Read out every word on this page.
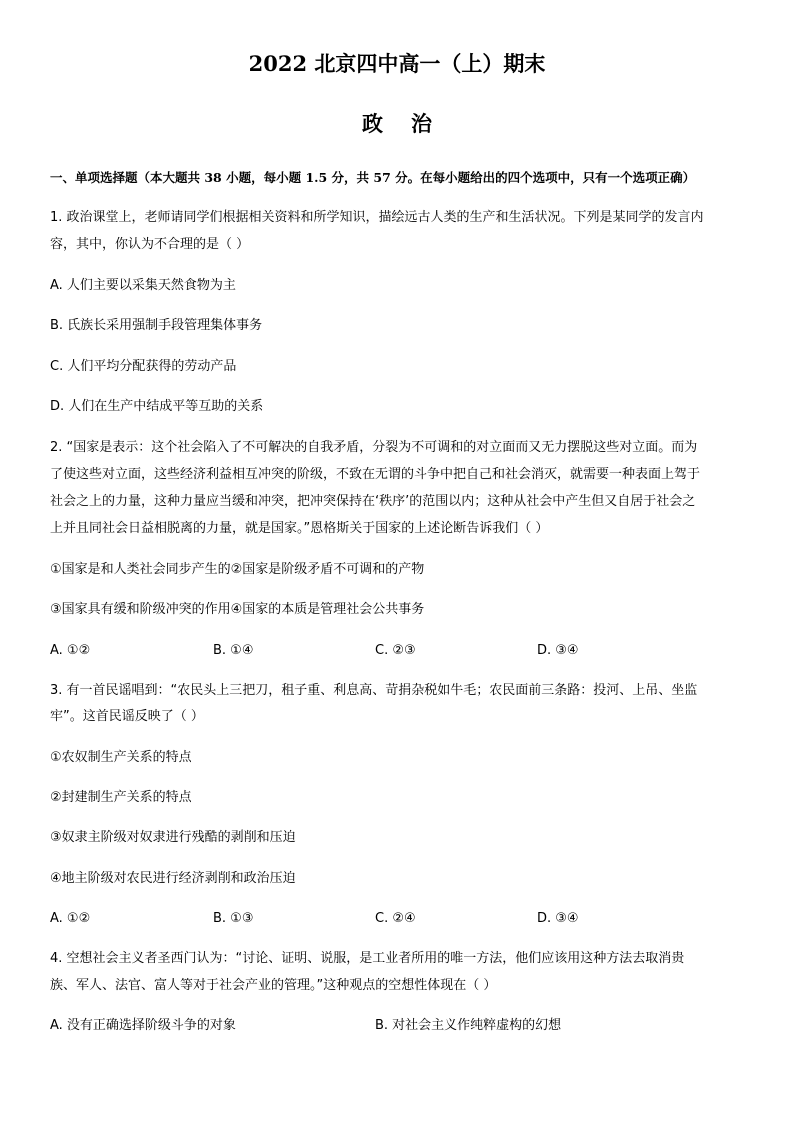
2022 北京四中高一（上）期末
政治
一、单项选择题（本大题共 38 小题，每小题 1.5 分，共 57 分。在每小题给出的四个选项中，只有一个选项正确）
1. 政治课堂上，老师请同学们根据相关资料和所学知识，描绘远古人类的生产和生活状况。下列是某同学的发言内
容，其中，你认为不合理的是（ ）
A. 人们主要以采集天然食物为主
B. 氏族长采用强制手段管理集体事务
C. 人们平均分配获得的劳动产品
D. 人们在生产中结成平等互助的关系
2. “国家是表示：这个社会陷入了不可解决的自我矛盾，分裂为不可调和的对立面而又无力摆脱这些对立面。而为
了使这些对立面，这些经济利益相互冲突的阶级，不致在无谓的斗争中把自己和社会消灭，就需要一种表面上驾于
社会之上的力量，这种力量应当缓和冲突，把冲突保持在‘秩序’的范围以内；这种从社会中产生但又自居于社会之
上并且同社会日益相脱离的力量，就是国家。”恩格斯关于国家的上述论断告诉我们（ ）
①国家是和人类社会同步产生的②国家是阶级矛盾不可调和的产物
③国家具有缓和阶级冲突的作用④国家的本质是管理社会公共事务
A. ①②	B. ①④	C. ②③	D. ③④
3. 有一首民谣唱到：“农民头上三把刀，租子重、利息高、苛捐杂税如牛毛；农民面前三条路：投河、上吊、坐监
牢”。这首民谣反映了（ ）
①农奴制生产关系的特点
②封建制生产关系的特点
③奴隶主阶级对奴隶进行残酷的剥削和压迫
④地主阶级对农民进行经济剥削和政治压迫
A. ①②	B. ①③	C. ②④	D. ③④
4. 空想社会主义者圣西门认为：“讨论、证明、说服，是工业者所用的唯一方法，他们应该用这种方法去取消贵
族、军人、法官、富人等对于社会产业的管理。”这种观点的空想性体现在（ ）
A. 没有正确选择阶级斗争的对象	B. 对社会主义作纯粹虚构的幻想
